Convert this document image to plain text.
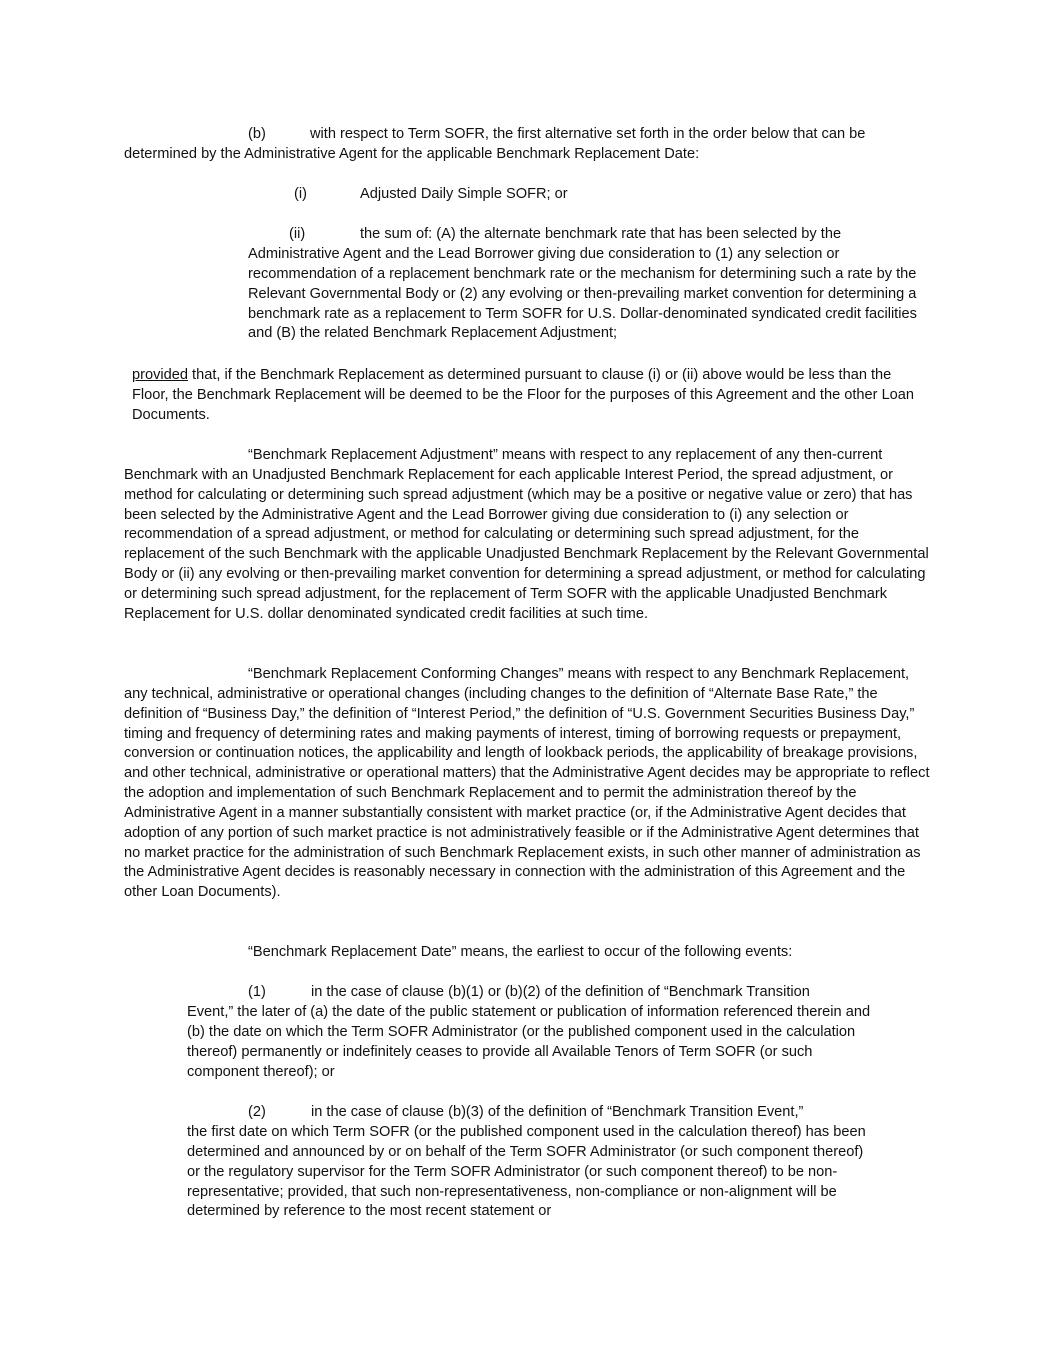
(b)	with respect to Term SOFR, the first alternative set forth in the order below that can be
determined by the Administrative Agent for the applicable Benchmark Replacement Date:
(i)	Adjusted Daily Simple SOFR; or
(ii)	the sum of: (A) the alternate benchmark rate that has been selected by the
Administrative Agent and the Lead Borrower giving due consideration to (1) any selection or recommendation of a replacement benchmark rate or the mechanism for determining such a rate by the Relevant Governmental Body or (2) any evolving or then-prevailing market convention for determining a benchmark rate as a replacement to Term SOFR for U.S. Dollar-denominated syndicated credit facilities and (B) the related Benchmark Replacement Adjustment;
provided that, if the Benchmark Replacement as determined pursuant to clause (i) or (ii) above would be less than the Floor, the Benchmark Replacement will be deemed to be the Floor for the purposes of this Agreement and the other Loan Documents.
“Benchmark Replacement Adjustment” means with respect to any replacement of any then-current Benchmark with an Unadjusted Benchmark Replacement for each applicable Interest Period, the spread adjustment, or method for calculating or determining such spread adjustment (which may be a positive or negative value or zero) that has been selected by the Administrative Agent and the Lead Borrower giving due consideration to (i) any selection or recommendation of a spread adjustment, or method for calculating or determining such spread adjustment, for the replacement of the such Benchmark with the applicable Unadjusted Benchmark Replacement by the Relevant Governmental Body or (ii) any evolving or then-prevailing market convention for determining a spread adjustment, or method for calculating or determining such spread adjustment, for the replacement of Term SOFR with the applicable Unadjusted Benchmark Replacement for U.S. dollar denominated syndicated credit facilities at such time.
“Benchmark Replacement Conforming Changes” means with respect to any Benchmark Replacement, any technical, administrative or operational changes (including changes to the definition of “Alternate Base Rate,” the definition of “Business Day,” the definition of “Interest Period,” the definition of “U.S. Government Securities Business Day,” timing and frequency of determining rates and making payments of interest, timing of borrowing requests or prepayment, conversion or continuation notices, the applicability and length of lookback periods, the applicability of breakage provisions, and other technical, administrative or operational matters) that the Administrative Agent decides may be appropriate to reflect the adoption and implementation of such Benchmark Replacement and to permit the administration thereof by the Administrative Agent in a manner substantially consistent with market practice (or, if the Administrative Agent decides that adoption of any portion of such market practice is not administratively feasible or if the Administrative Agent determines that no market practice for the administration of such Benchmark Replacement exists, in such other manner of administration as the Administrative Agent decides is reasonably necessary in connection with the administration of this Agreement and the other Loan Documents).
“Benchmark Replacement Date” means, the earliest to occur of the following events:
(1)	in the case of clause (b)(1) or (b)(2) of the definition of “Benchmark Transition
Event,” the later of (a) the date of the public statement or publication of information referenced therein and (b) the date on which the Term SOFR Administrator (or the published component used in the calculation thereof) permanently or indefinitely ceases to provide all Available Tenors of Term SOFR (or such component thereof); or
(2)	in the case of clause (b)(3) of the definition of “Benchmark Transition Event,”
the first date on which Term SOFR (or the published component used in the calculation thereof) has been determined and announced by or on behalf of the Term SOFR Administrator (or such component thereof) or the regulatory supervisor for the Term SOFR Administrator (or such component thereof) to be non-representative; provided, that such non-representativeness, non-compliance or non-alignment will be determined by reference to the most recent statement or
